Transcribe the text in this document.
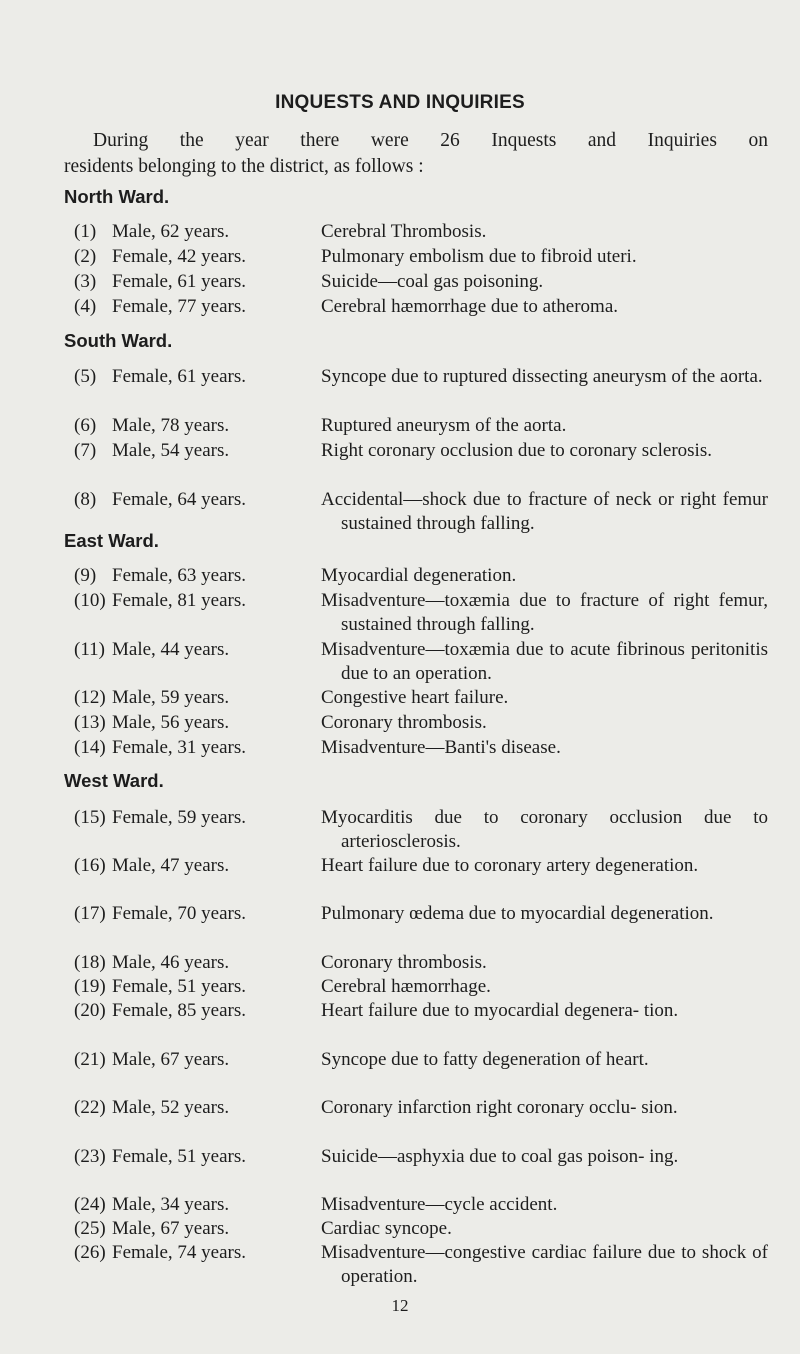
INQUESTS AND INQUIRIES
During the year there were 26 Inquests and Inquiries on
residents belonging to the district, as follows :
North Ward.
(1) Male, 62 years.	Cerebral Thrombosis.
(2) Female, 42 years.	Pulmonary embolism due to fibroid uteri.
(3) Female, 61 years.	Suicide—coal gas poisoning.
(4) Female, 77 years.	Cerebral hæmorrhage due to atheroma.
South Ward.
(5) Female, 61 years.	Syncope due to ruptured dissecting aneurysm of the aorta.
(6) Male, 78 years.	Ruptured aneurysm of the aorta.
(7) Male, 54 years.	Right coronary occlusion due to coronary sclerosis.
(8) Female, 64 years.	Accidental—shock due to fracture of neck or right femur sustained through falling.
East Ward.
(9) Female, 63 years.	Myocardial degeneration.
(10) Female, 81 years.	Misadventure—toxæmia due to fracture of right femur, sustained through falling.
(11) Male, 44 years.	Misadventure—toxæmia due to acute fibrinous peritonitis due to an operation.
(12) Male, 59 years.	Congestive heart failure.
(13) Male, 56 years.	Coronary thrombosis.
(14) Female, 31 years.	Misadventure—Banti's disease.
West Ward.
(15) Female, 59 years.	Myocarditis due to coronary occlusion due to arteriosclerosis.
(16) Male, 47 years.	Heart failure due to coronary artery degeneration.
(17) Female, 70 years.	Pulmonary œdema due to myocardial degeneration.
(18) Male, 46 years.	Coronary thrombosis.
(19) Female, 51 years.	Cerebral hæmorrhage.
(20) Female, 85 years.	Heart failure due to myocardial degenera- tion.
(21) Male, 67 years.	Syncope due to fatty degeneration of heart.
(22) Male, 52 years.	Coronary infarction right coronary occlu- sion.
(23) Female, 51 years.	Suicide—asphyxia due to coal gas poison- ing.
(24) Male, 34 years.	Misadventure—cycle accident.
(25) Male, 67 years.	Cardiac syncope.
(26) Female, 74 years.	Misadventure—congestive cardiac failure due to shock of operation.
12
